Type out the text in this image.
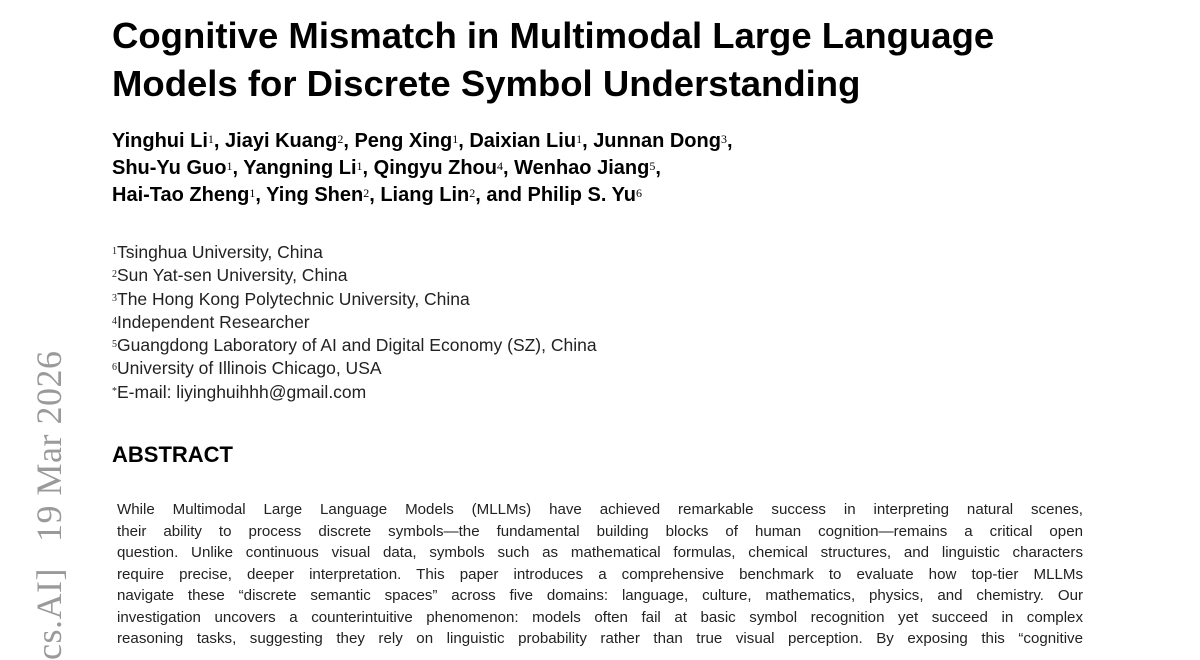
cs.AI]19 Mar 2026
Cognitive Mismatch in Multimodal Large Language
Models for Discrete Symbol Understanding
Yinghui Li$^1$, Jiayi Kuang$^2$, Peng Xing$^1$, Daixian Liu$^1$, Junnan Dong$^3$,
Shu-Yu Guo$^1$, Yangning Li$^1$, Qingyu Zhou$^4$, Wenhao Jiang$^5$,
Hai-Tao Zheng$^1$, Ying Shen$^2$, Liang Lin$^2$, and Philip S. Yu$^6$
$^1$Tsinghua University, China
$^2$Sun Yat-sen University, China
$^3$The Hong Kong Polytechnic University, China
$^4$Independent Researcher
$^5$Guangdong Laboratory of AI and Digital Economy (SZ), China
$^6$University of Illinois Chicago, USA
*E-mail: liyinghuihhh@gmail.com
ABSTRACT
While Multimodal Large Language Models (MLLMs) have achieved remarkable success in interpreting natural scenes,
their ability to process discrete symbols—the fundamental building blocks of human cognition—remains a critical open
question. Unlike continuous visual data, symbols such as mathematical formulas, chemical structures, and linguistic characters
require precise, deeper interpretation. This paper introduces a comprehensive benchmark to evaluate how top-tier MLLMs
navigate these “discrete semantic spaces” across five domains: language, culture, mathematics, physics, and chemistry. Our
investigation uncovers a counterintuitive phenomenon: models often fail at basic symbol recognition yet succeed in complex
reasoning tasks, suggesting they rely on linguistic probability rather than true visual perception. By exposing this “cognitive
